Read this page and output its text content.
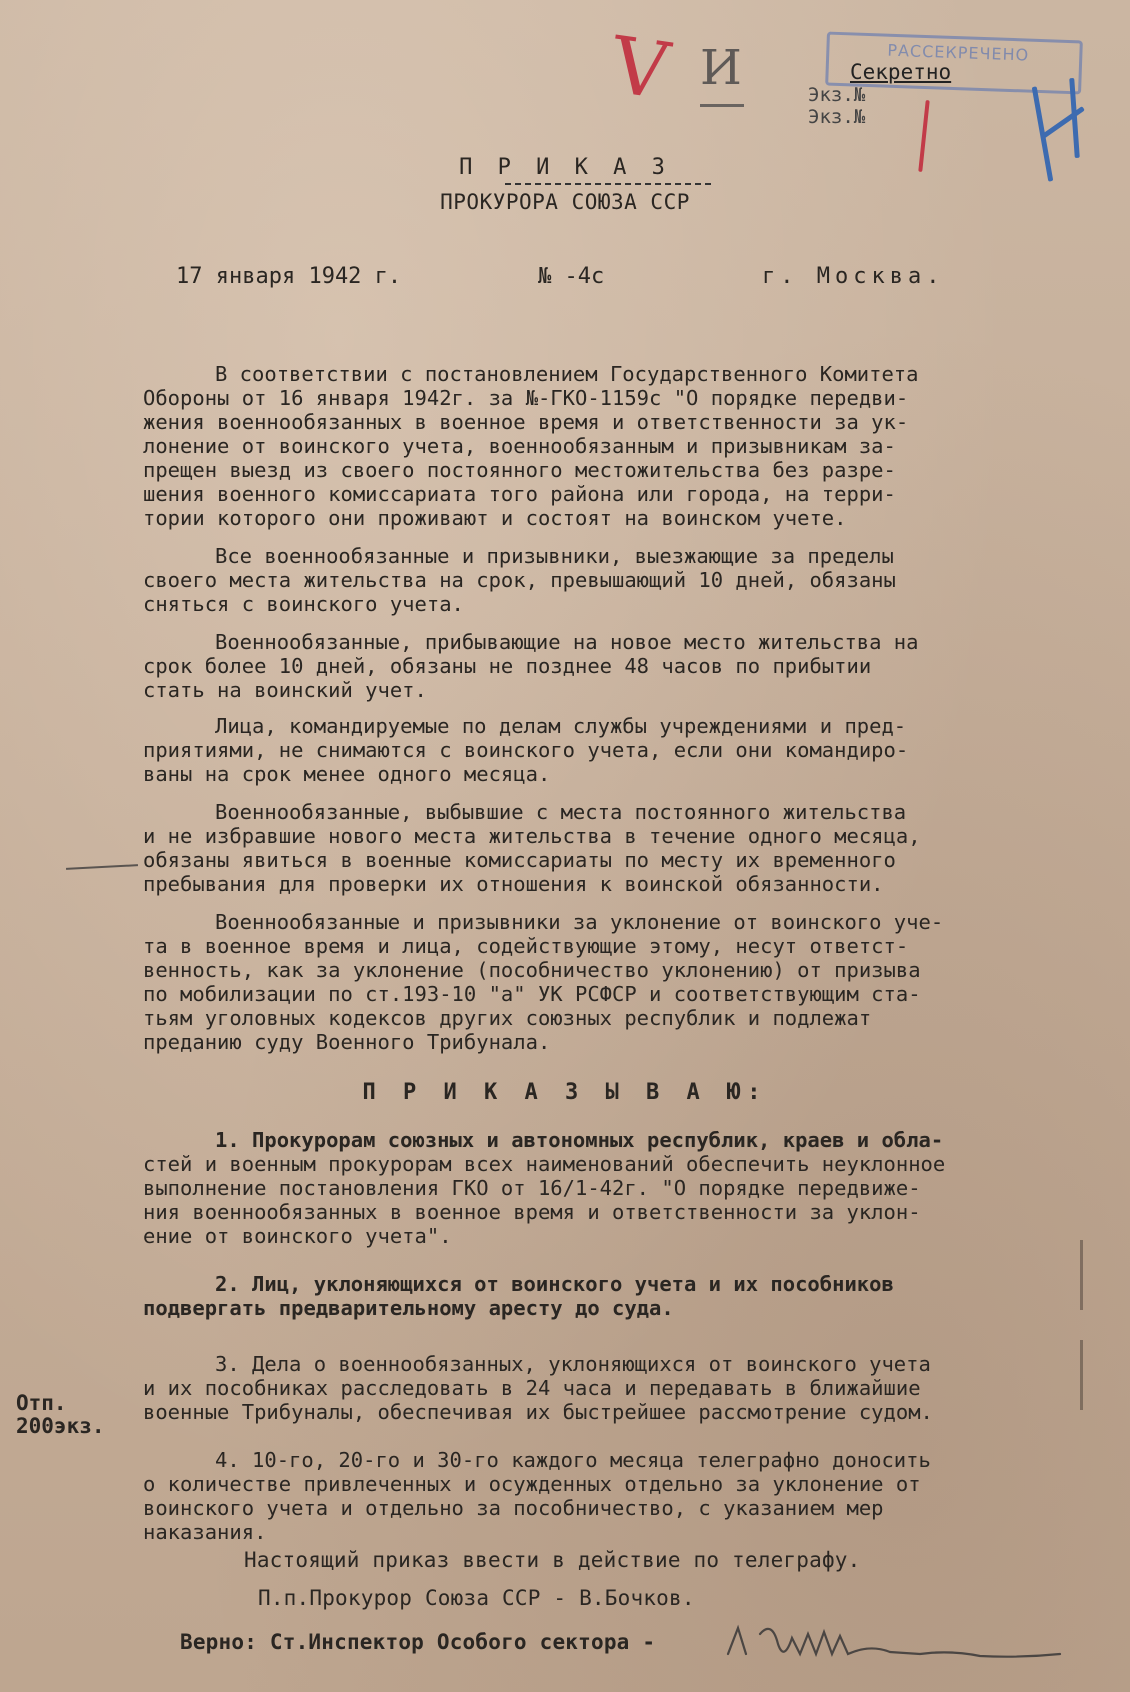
V И	РАССЕКРЕЧЕНО
Секретно
Экз.№
Экз.№
П Р И К А З
ПРОКУРОРА СОЮЗА ССР
17 января 1942 г.	№ -4с	г. Москва.
В соответствии с постановлением Государственного Комитета
Обороны от 16 января 1942г. за №-ГКО-1159с "О порядке передви-
жения военнообязанных в военное время и ответственности за ук-
лонение от воинского учета, военнообязанным и призывникам за-
прещен выезд из своего постоянного местожительства без разре-
шения военного комиссариата того района или города, на терри-
тории которого они проживают и состоят на воинском учете.
Все военнообязанные и призывники, выезжающие за пределы
своего места жительства на срок, превышающий 10 дней, обязаны
сняться с воинского учета.
Военнообязанные, прибывающие на новое место жительства на
срок более 10 дней, обязаны не позднее 48 часов по прибытии
стать на воинский учет.
Лица, командируемые по делам службы учреждениями и пред-
приятиями, не снимаются с воинского учета, если они командиро-
ваны на срок менее одного месяца.
Военнообязанные, выбывшие с места постоянного жительства
и не избравшие нового места жительства в течение одного месяца,
обязаны явиться в военные комиссариаты по месту их временного
пребывания для проверки их отношения к воинской обязанности.
Военнообязанные и призывники за уклонение от воинского уче-
та в военное время и лица, содействующие этому, несут ответст-
венность, как за уклонение (пособничество уклонению) от призыва
по мобилизации по ст.193-10 "а" УК РСФСР и соответствующим ста-
тьям уголовных кодексов других союзных республик и подлежат
преданию суду Военного Трибунала.
П Р И К А З Ы В А Ю:
1. Прокурорам союзных и автономных республик, краев и обла-
стей и военным прокурорам всех наименований обеспечить неуклонное
выполнение постановления ГКО от 16/1-42г. "О порядке передвиже-
ния военнообязанных в военное время и ответственности за уклон-
ение от воинского учета".
2. Лиц, уклоняющихся от воинского учета и их пособников
подвергать предварительному аресту до суда.
3. Дела о военнообязанных, уклоняющихся от воинского учета
и их пособниках расследовать в 24 часа и передавать в ближайшие
военные Трибуналы, обеспечивая их быстрейшее рассмотрение судом.
4. 10-го, 20-го и 30-го каждого месяца телеграфно доносить
о количестве привлеченных и осужденных отдельно за уклонение от
воинского учета и отдельно за пособничество, с указанием мер
наказания.
Настоящий приказ ввести в действие по телеграфу.
П.п.Прокурор Союза ССР - В.Бочков.
Верно: Ст.Инспектор Особого сектора -
Отп.
200экз.
